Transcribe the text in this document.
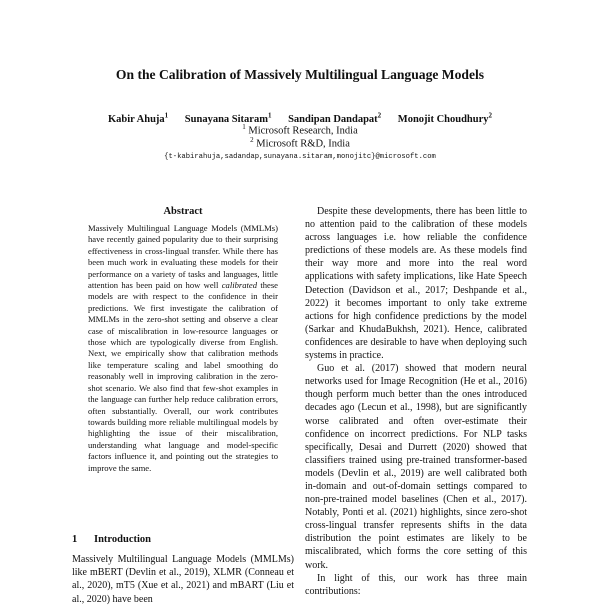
On the Calibration of Massively Multilingual Language Models
Kabir Ahuja$^1$ Sunayana Sitaram$^1$ Sandipan Dandapat$^2$ Monojit Choudhury$^2$
$^1$ Microsoft Research, India
$^2$ Microsoft R&D, India
{t-kabirahuja,sadandap,sunayana.sitaram,monojitc}@microsoft.com
Abstract

Massively Multilingual Language Models (MMLMs) have recently gained popularity due to their surprising effectiveness in cross-lingual transfer. While there has been much work in evaluating these models for their performance on a variety of tasks and languages, little attention has been paid on how well calibrated these models are with respect to the confidence in their predictions. We first investigate the calibration of MMLMs in the zero-shot setting and observe a clear case of miscalibration in low-resource languages or those which are typologically diverse from English. Next, we empirically show that calibration methods like temperature scaling and label smoothing do reasonably well in improving calibration in the zero-shot scenario. We also find that few-shot examples in the language can further help reduce calibration errors, often substantially. Overall, our work contributes towards building more reliable multilingual models by highlighting the issue of their miscalibration, understanding what language and model-specific factors influence it, and pointing out the strategies to improve the same.

1 Introduction

Massively Multilingual Language Models (MMLMs) like mBERT (Devlin et al., 2019), XLMR (Conneau et al., 2020), mT5 (Xue et al., 2021) and mBART (Liu et al., 2020) have been

Despite these developments, there has been little to no attention paid to the calibration of these models across languages i.e. how reliable the confidence predictions of these models are. As these models find their way more and more into the real word applications with safety implications, like Hate Speech Detection (Davidson et al., 2017; Deshpande et al., 2022) it becomes important to only take extreme actions for high confidence predictions by the model (Sarkar and KhudaBukhsh, 2021). Hence, calibrated confidences are desirable to have when deploying such systems in practice.

Guo et al. (2017) showed that modern neural networks used for Image Recognition (He et al., 2016) though perform much better than the ones introduced decades ago (Lecun et al., 1998), but are significantly worse calibrated and often over-estimate their confidence on incorrect predictions. For NLP tasks specifically, Desai and Durrett (2020) showed that classifiers trained using pre-trained transformer-based models (Devlin et al., 2019) are well calibrated both in-domain and out-of-domain settings compared to non-pre-trained model baselines (Chen et al., 2017). Notably, Ponti et al. (2021) highlights, since zero-shot cross-lingual transfer represents shifts in the data distribution the point estimates are likely to be miscalibrated, which forms the core setting of this work.

In light of this, our work has three main contributions:
